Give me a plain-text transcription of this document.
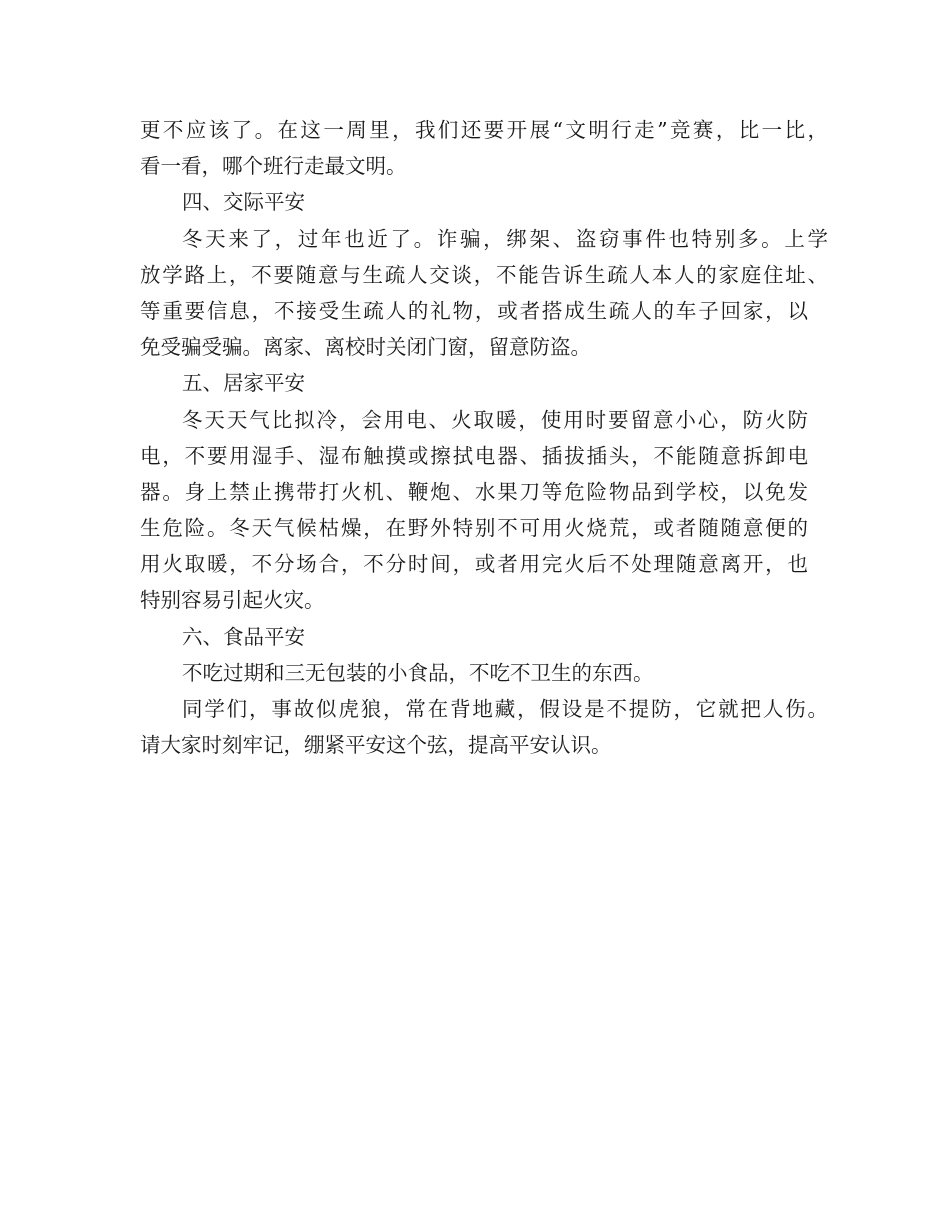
更不应该了。在这一周里，我们还要开展“文明行走”竞赛，比一比，
看一看，哪个班行走最文明。
四、交际平安
冬天来了，过年也近了。诈骗，绑架、盗窃事件也特别多。上学
放学路上，不要随意与生疏人交谈，不能告诉生疏人本人的家庭住址、
等重要信息，不接受生疏人的礼物，或者搭成生疏人的车子回家，以
免受骗受骗。离家、离校时关闭门窗，留意防盗。
五、居家平安
冬天天气比拟冷，会用电、火取暖，使用时要留意小心，防火防
电，不要用湿手、湿布触摸或擦拭电器、插拔插头，不能随意拆卸电
器。身上禁止携带打火机、鞭炮、水果刀等危险物品到学校，以免发
生危险。冬天气候枯燥，在野外特别不可用火烧荒，或者随随意便的
用火取暖，不分场合，不分时间，或者用完火后不处理随意离开，也
特别容易引起火灾。
六、食品平安
不吃过期和三无包装的小食品，不吃不卫生的东西。
同学们，事故似虎狼，常在背地藏，假设是不提防，它就把人伤。
请大家时刻牢记，绷紧平安这个弦，提高平安认识。
